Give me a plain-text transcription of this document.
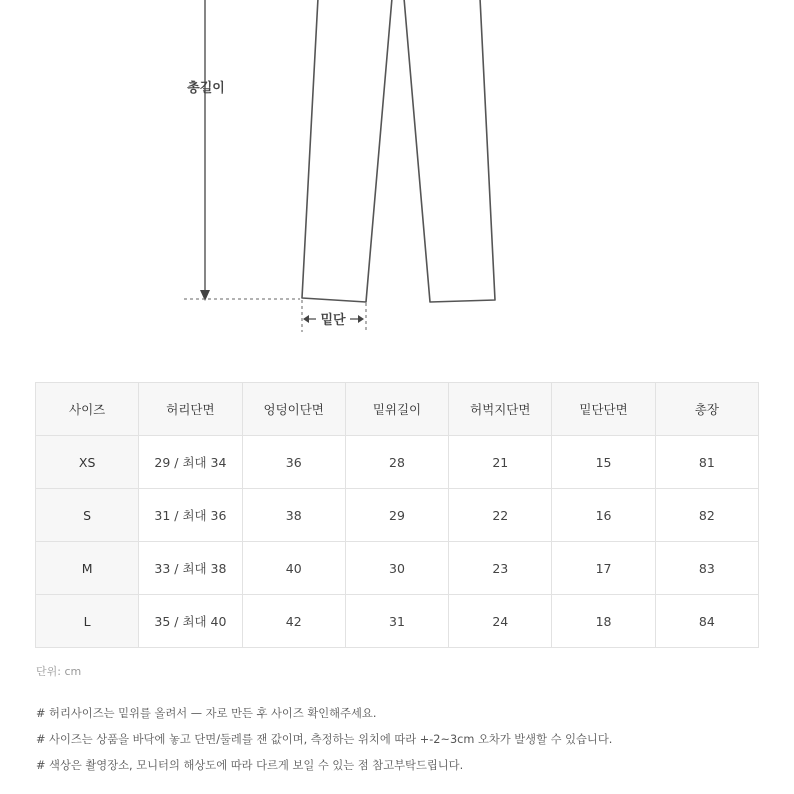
총길이
밑단
사이즈	허리단면	엉덩이단면	밑위길이	허벅지단면	밑단단면	총장
XS	29 / 최대 34	36	28	21	15	81
S	31 / 최대 36	38	29	22	16	82
M	33 / 최대 38	40	30	23	17	83
L	35 / 최대 40	42	31	24	18	84
단위: cm
# 허리사이즈는 밑위를 올려서 — 자로 만든 후 사이즈 확인해주세요.
# 사이즈는 상품을 바닥에 놓고 단면/둘레를 잰 값이며, 측정하는 위치에 따라 +-2~3cm 오차가 발생할 수 있습니다.
# 색상은 촬영장소, 모니터의 해상도에 따라 다르게 보일 수 있는 점 참고부탁드립니다.
